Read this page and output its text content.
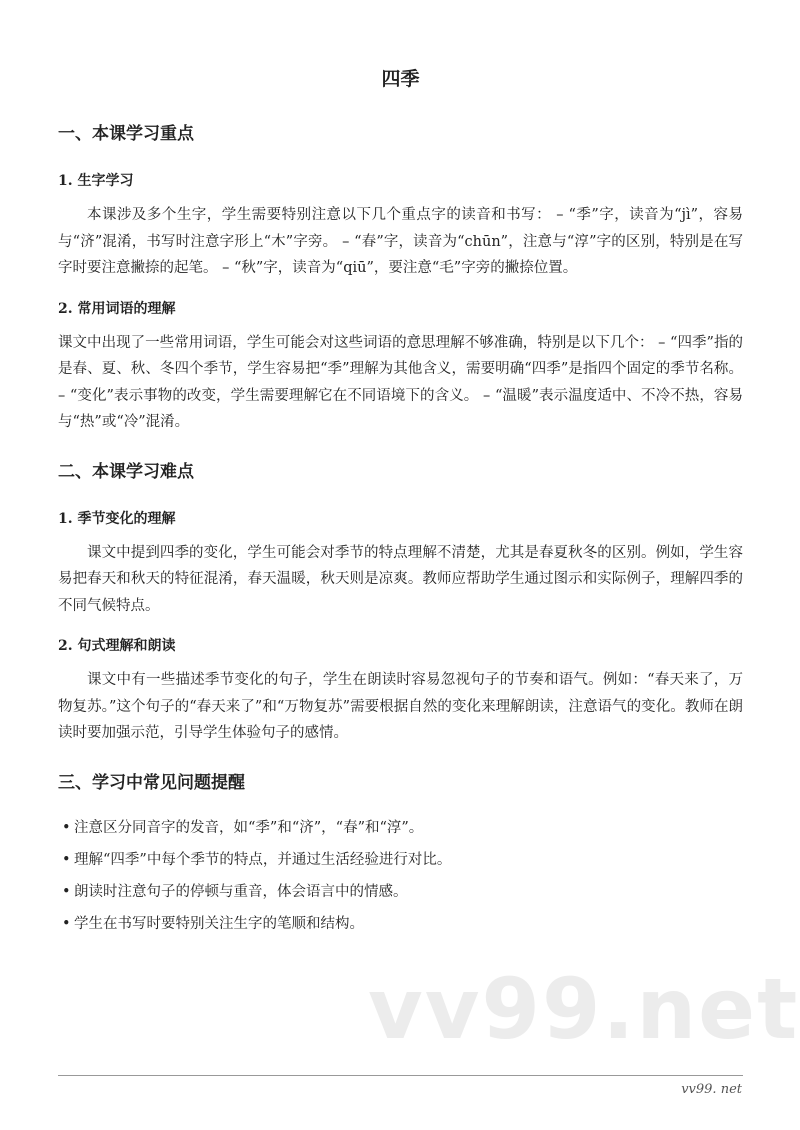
四季
一、本课学习重点
1. 生字学习

本课涉及多个生字，学生需要特别注意以下几个重点字的读音和书写： – “季”字，读音为“jì”，容易与“济”混淆，书写时注意字形上“木”字旁。 – “春”字，读音为“chūn”，注意与“淳”字的区别，特别是在写字时要注意撇捺的起笔。 – “秋”字，读音为“qiū”，要注意“毛”字旁的撇捺位置。

2. 常用词语的理解

课文中出现了一些常用词语，学生可能会对这些词语的意思理解不够准确，特别是以下几个： – “四季”指的是春、夏、秋、冬四个季节，学生容易把“季”理解为其他含义，需要明确“四季”是指四个固定的季节名称。 – “变化”表示事物的改变，学生需要理解它在不同语境下的含义。 – “温暖”表示温度适中、不冷不热，容易与“热”或“冷”混淆。

二、本课学习难点
1. 季节变化的理解

课文中提到四季的变化，学生可能会对季节的特点理解不清楚，尤其是春夏秋冬的区别。例如，学生容易把春天和秋天的特征混淆，春天温暖，秋天则是凉爽。教师应帮助学生通过图示和实际例子，理解四季的不同气候特点。

2. 句式理解和朗读

课文中有一些描述季节变化的句子，学生在朗读时容易忽视句子的节奏和语气。例如：“春天来了，万物复苏。”这个句子的“春天来了”和“万物复苏”需要根据自然的变化来理解朗读，注意语气的变化。教师在朗读时要加强示范，引导学生体验句子的感情。

三、学习中常见问题提醒
• 注意区分同音字的发音，如“季”和“济”，“春”和“淳”。
• 理解“四季”中每个季节的特点，并通过生活经验进行对比。
• 朗读时注意句子的停顿与重音，体会语言中的情感。
• 学生在书写时要特别关注生字的笔顺和结构。
vv99.net
vv99. net
